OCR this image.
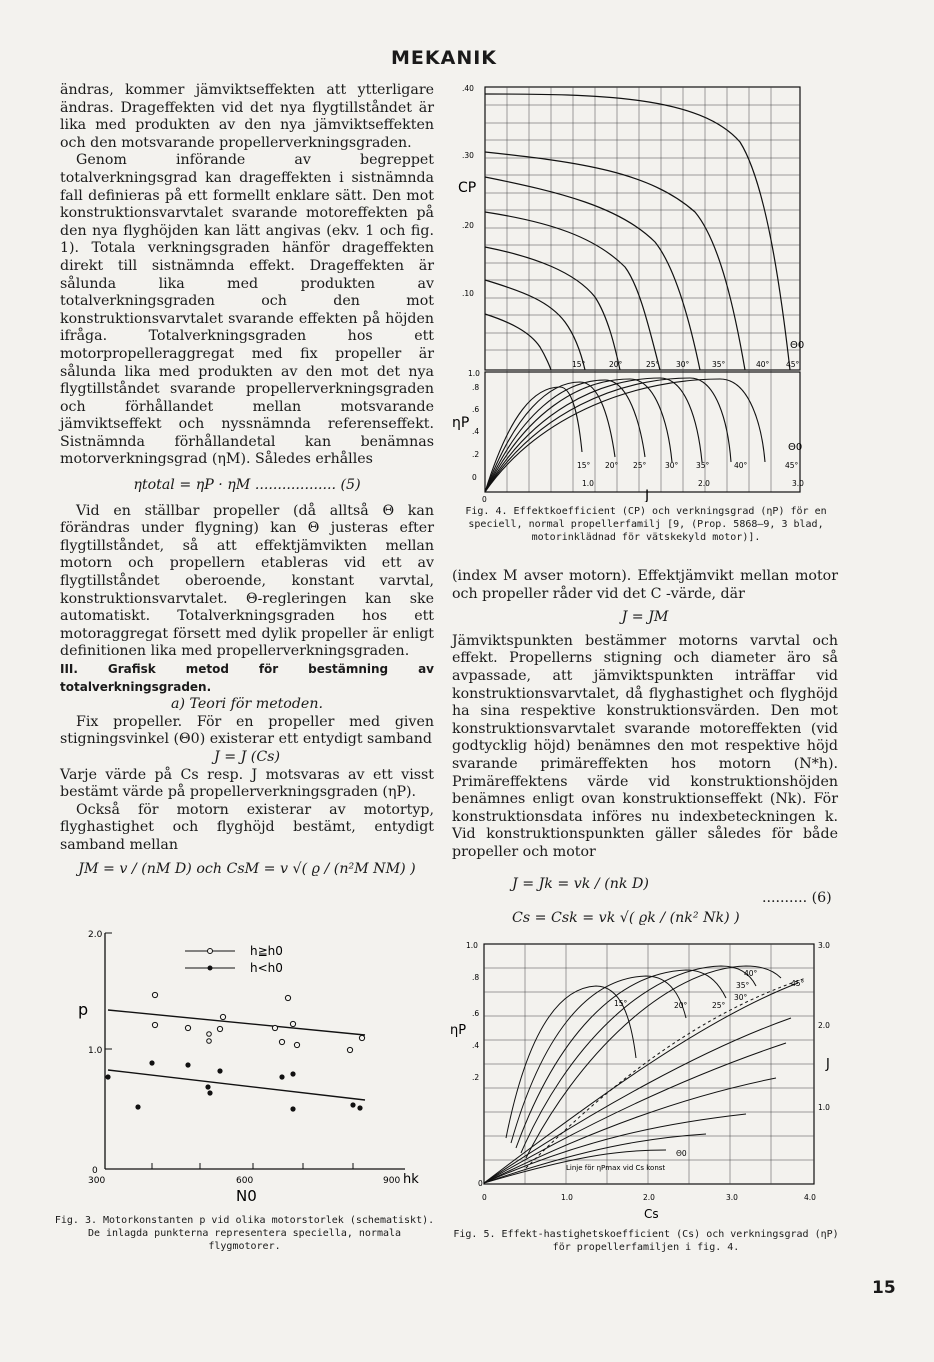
MEKANIK

ändras, kommer jämviktseffekten att ytterligare ändras. Drageffekten vid det nya flygtillståndet är lika med produkten av den nya jämviktseffekten och den motsvarande propellerverkningsgraden.

Genom införande av begreppet totalverkningsgrad kan drageffekten i sistnämnda fall definieras på ett formellt enklare sätt. Den mot konstruktionsvarvtalet svarande motoreffekten på den nya flyghöjden kan lätt angivas (ekv. 1 och fig. 1). Totala verkningsgraden hänför drageffekten direkt till sistnämnda effekt. Drageffekten är sålunda lika med produkten av totalverkningsgraden och den mot konstruktionsvarvtalet svarande effekten på höjden ifråga. Totalverkningsgraden hos ett motorpropelleraggregat med fix propeller är sålunda lika med produkten av den mot det nya flygtillståndet svarande propellerverkningsgraden och förhållandet mellan motsvarande jämviktseffekt och nyssnämnda referenseffekt. Sistnämnda förhållandetal kan benämnas motorverkningsgrad (ηM). Således erhålles

ηtotal = ηP · ηM .................. (5)

Vid en ställbar propeller (då alltså Θ kan förändras under flygning) kan Θ justeras efter flygtillståndet, så att effektjämvikten mellan motorn och propellern etableras vid ett av flygtillståndet oberoende, konstant varvtal, konstruktionsvarvtalet. Θ-regleringen kan ske automatiskt. Totalverkningsgraden hos ett motoraggregat försett med dylik propeller är enligt definitionen lika med propellerverkningsgraden.

III. Grafisk metod för bestämning av totalverkningsgraden.

a) Teori för metoden.

Fix propeller. För en propeller med given stigningsvinkel (Θ0) existerar ett entydigt samband

J = J (Cs)

Varje värde på Cs resp. J motsvaras av ett visst bestämt värde på propellerverkningsgraden (ηP).

Också för motorn existerar av motortyp, flyghastighet och flyghöjd bestämt, entydigt samband mellan

JM = v / (nM D) och CsM = v √( ϱ / (n²M NM) )

2.0
1.0
0
p
300	600	900 hk
N0
h≧h0
h<h0
Fig. 3. Motorkonstanten p vid olika motorstorlek (schematiskt). De inlagda punkterna representera speciella, normala flygmotorer.
.40
.30
.20
.10
CP
15°	20°	25° 30°	35°	40° 45°
Θ0
1.0
.8
.6
.4
.2
0
ηP
15° 20° 25° 30° 35°	40°	45°
Θ0
0
1.0	2.0	3.0
J
Fig. 4. Effektkoefficient (CP) och verkningsgrad (ηP) för en speciell, normal propellerfamilj [9, (Prop. 5868—9, 3 blad, motorinklädnad för vätskekyld motor)].

(index M avser motorn). Effektjämvikt mellan motor och propeller råder vid det C -värde, där

J = JM

Jämviktspunkten bestämmer motorns varvtal och effekt. Propellerns stigning och diameter äro så avpassade, att jämviktspunkten inträffar vid konstruktionsvarvtalet, då flyghastighet och flyghöjd ha sina respektive konstruktionsvärden. Den mot konstruktionsvarvtalet svarande motoreffekten (vid godtycklig höjd) benämnes den mot respektive höjd svarande primäreffekten hos motorn (N*h). Primäreffektens värde vid konstruktionshöjden benämnes enligt ovan konstruktionseffekt (Nk). För konstruktionsdata införes nu indexbeteckningen k. Vid konstruktionspunkten gäller således för både propeller och motor

J = Jk = vk / (nk D)
Cs = Csk = vk √( ϱk / (nk² Nk) )
.......... (6)
1.0
.8
.6
.4
.2
0
ηP
3.0
2.0
1.0
J
15°	20°	25°
30°
35°
40°
45°
Θ0
Linje för ηPmax vid Cs konst
0	1.0	2.0	3.0	4.0
Cs
Fig. 5. Effekt-hastighetskoefficient (Cs) och verkningsgrad (ηP) för propellerfamiljen i fig. 4.
15
